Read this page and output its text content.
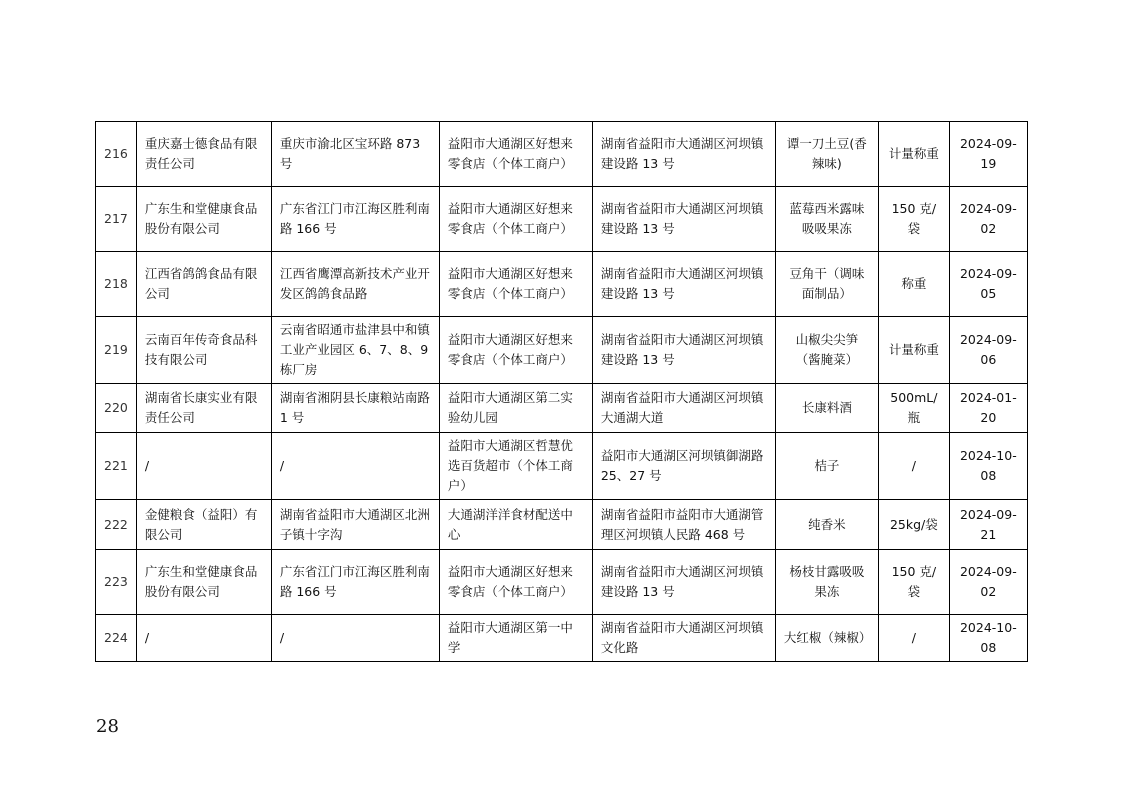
216	重庆嘉士德食品有限责任公司	重庆市渝北区宝环路 873 号	益阳市大通湖区好想来零食店（个体工商户）	湖南省益阳市大通湖区河坝镇建设路 13 号	谭一刀土豆(香辣味)	计量称重	2024-09-19
217	广东生和堂健康食品股份有限公司	广东省江门市江海区胜利南路 166 号	益阳市大通湖区好想来零食店（个体工商户）	湖南省益阳市大通湖区河坝镇建设路 13 号	蓝莓西米露味吸吸果冻	150 克/袋	2024-09-02
218	江西省鸽鸽食品有限公司	江西省鹰潭高新技术产业开发区鸽鸽食品路	益阳市大通湖区好想来零食店（个体工商户）	湖南省益阳市大通湖区河坝镇建设路 13 号	豆角干（调味面制品）	称重	2024-09-05
219	云南百年传奇食品科技有限公司	云南省昭通市盐津县中和镇工业产业园区 6、7、8、9 栋厂房	益阳市大通湖区好想来零食店（个体工商户）	湖南省益阳市大通湖区河坝镇建设路 13 号	山椒尖尖笋（酱腌菜）	计量称重	2024-09-06
220	湖南省长康实业有限责任公司	湖南省湘阴县长康粮站南路 1 号	益阳市大通湖区第二实验幼儿园	湖南省益阳市大通湖区河坝镇大通湖大道	长康料酒	500mL/瓶	2024-01-20
221	/	/	益阳市大通湖区哲慧优选百货超市（个体工商户）	益阳市大通湖区河坝镇御湖路 25、27 号	桔子	/	2024-10-08
222	金健粮食（益阳）有限公司	湖南省益阳市大通湖区北洲子镇十字沟	大通湖洋洋食材配送中心	湖南省益阳市益阳市大通湖管理区河坝镇人民路 468 号	纯香米	25kg/袋	2024-09-21
223	广东生和堂健康食品股份有限公司	广东省江门市江海区胜利南路 166 号	益阳市大通湖区好想来零食店（个体工商户）	湖南省益阳市大通湖区河坝镇建设路 13 号	杨枝甘露吸吸果冻	150 克/袋	2024-09-02
224	/	/	益阳市大通湖区第一中学	湖南省益阳市大通湖区河坝镇文化路	大红椒（辣椒）	/	2024-10-08
28
